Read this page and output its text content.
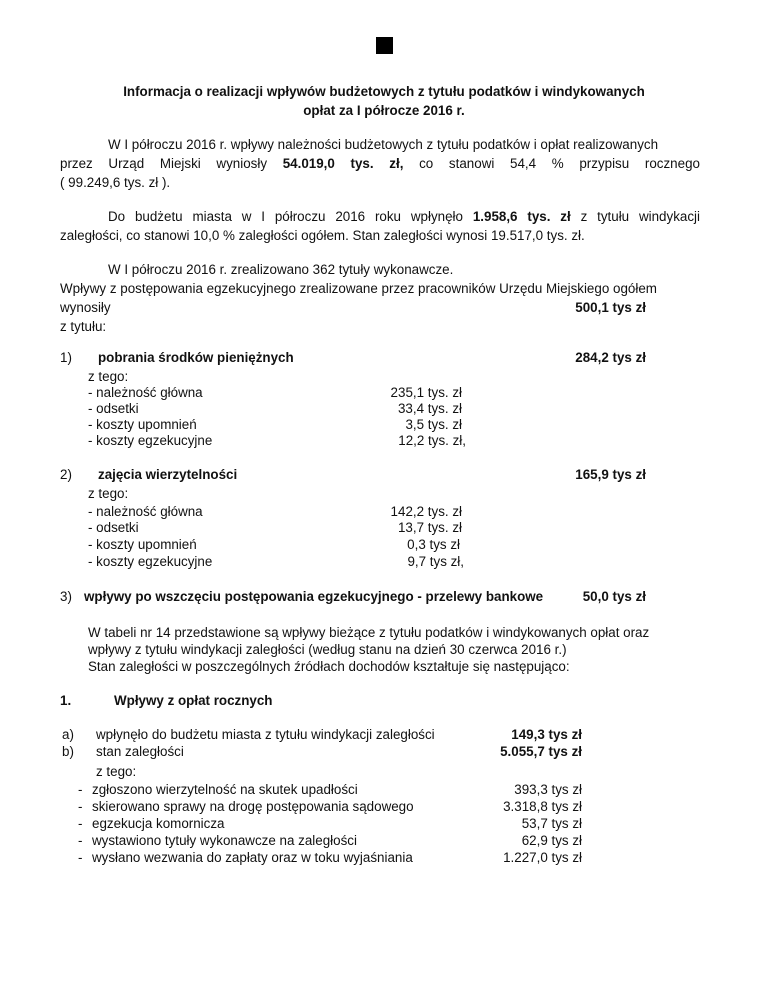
Informacja o realizacji wpływów budżetowych z tytułu podatków i windykowanych
opłat za I półrocze 2016 r.
W I półroczu 2016 r. wpływy należności budżetowych z tytułu podatków i opłat realizowanych
przez Urząd Miejski wyniosły 54.019,0 tys. zł, co stanowi 54,4 % przypisu rocznego
( 99.249,6 tys. zł ).
Do budżetu miasta w I półroczu 2016 roku wpłynęło 1.958,6 tys. zł z tytułu windykacji
zaległości, co stanowi 10,0 % zaległości ogółem. Stan zaległości wynosi 19.517,0 tys. zł.
W I półroczu 2016 r. zrealizowano 362 tytuły wykonawcze.
Wpływy z postępowania egzekucyjnego zrealizowane przez pracowników Urzędu Miejskiego ogółem
wynosiły	500,1 tys zł
z tytułu:
1) pobrania środków pieniężnych	284,2 tys zł
z tego:
- należność główna	235,1 tys. zł
- odsetki	33,4 tys. zł
- koszty upomnień	3,5 tys. zł
- koszty egzekucyjne	12,2 tys. zł,
2) zajęcia wierzytelności	165,9 tys zł
z tego:
- należność główna	142,2 tys. zł
- odsetki	13,7 tys. zł
- koszty upomnień	0,3 tys zł
- koszty egzekucyjne	9,7 tys zł,
3) wpływy po wszczęciu postępowania egzekucyjnego - przelewy bankowe	50,0 tys zł
W tabeli nr 14 przedstawione są wpływy bieżące z tytułu podatków i windykowanych opłat oraz
wpływy z tytułu windykacji zaległości (według stanu na dzień 30 czerwca 2016 r.)
Stan zaległości w poszczególnych źródłach dochodów kształtuje się następująco:
1.	Wpływy z opłat rocznych
a) wpłynęło do budżetu miasta z tytułu windykacji zaległości	149,3 tys zł
b) stan zaległości	5.055,7 tys zł
z tego:
- zgłoszono wierzytelność na skutek upadłości	393,3 tys zł
- skierowano sprawy na drogę postępowania sądowego	3.318,8 tys zł
- egzekucja komornicza	53,7 tys zł
- wystawiono tytuły wykonawcze na zaległości	62,9 tys zł
- wysłano wezwania do zapłaty oraz w toku wyjaśniania	1.227,0 tys zł
